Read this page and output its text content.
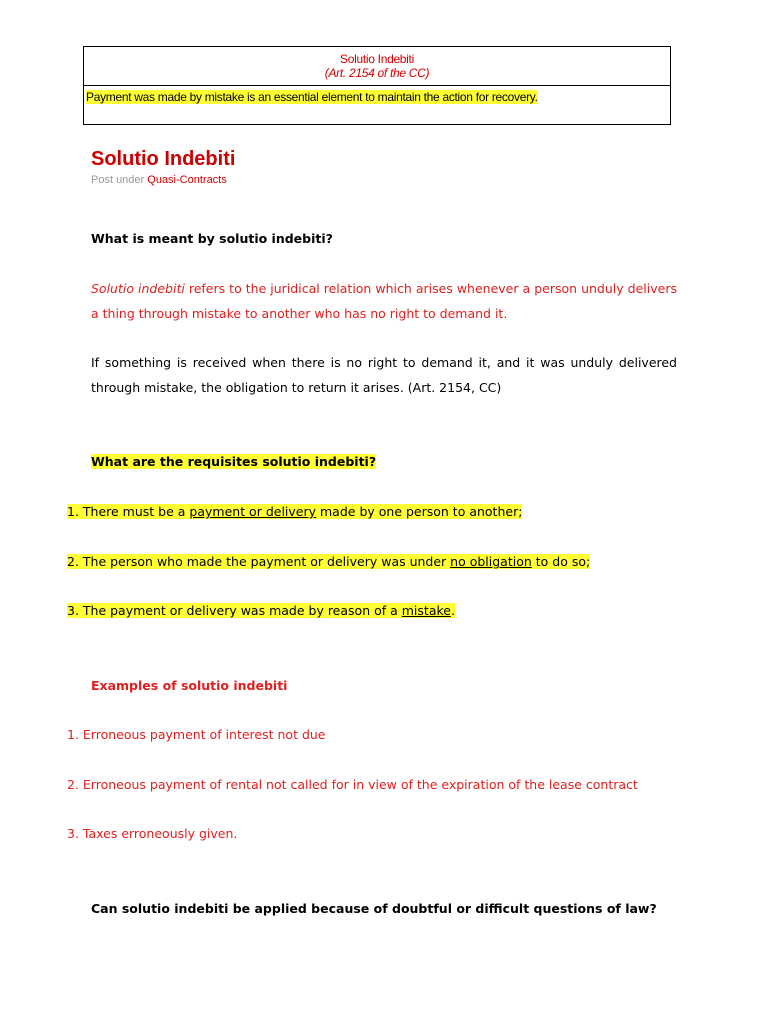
Solutio Indebiti
(Art. 2154 of the CC)
Payment was made by mistake is an essential element to maintain the action for recovery.
Solutio Indebiti
Post under Quasi-Contracts
What is meant by solutio indebiti?

Solutio indebiti refers to the juridical relation which arises whenever a person unduly delivers a thing through mistake to another who has no right to demand it.

If something is received when there is no right to demand it, and it was unduly delivered through mistake, the obligation to return it arises. (Art. 2154, CC)

What are the requisites solutio indebiti?
1. There must be a payment or delivery made by one person to another;
2. The person who made the payment or delivery was under no obligation to do so;
3. The payment or delivery was made by reason of a mistake.
Examples of solutio indebiti
1. Erroneous payment of interest not due
2. Erroneous payment of rental not called for in view of the expiration of the lease contract
3. Taxes erroneously given.
Can solutio indebiti be applied because of doubtful or difficult questions of law?
